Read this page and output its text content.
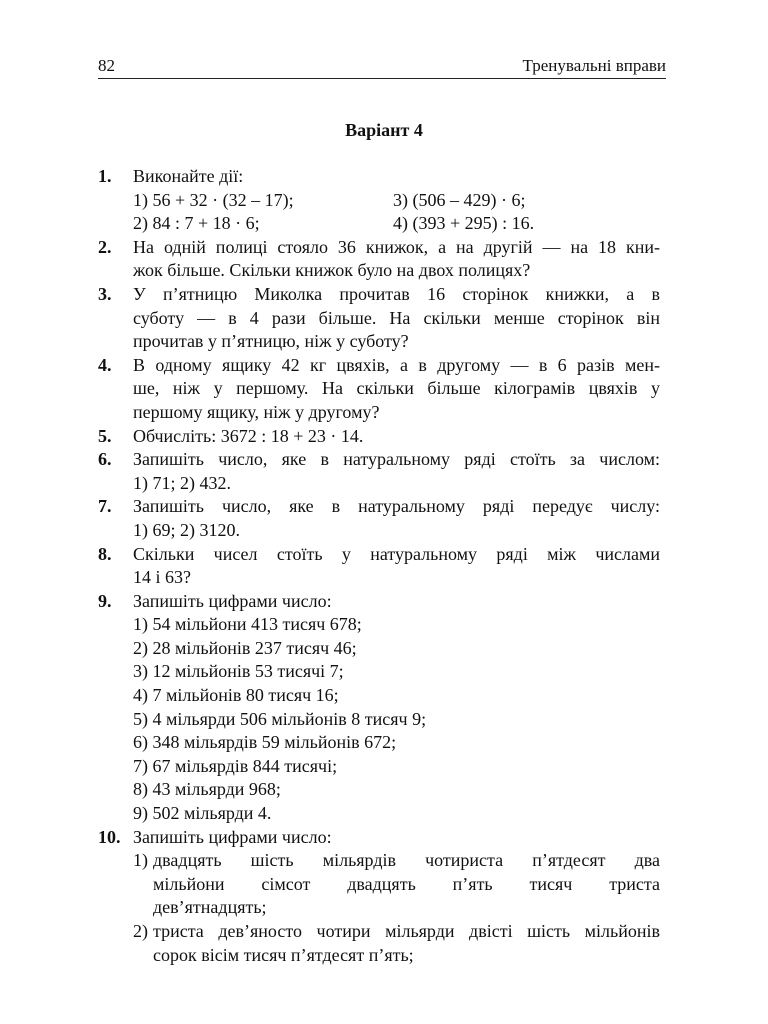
82	Тренувальні вправи
Варіант 4
1.	Виконайте дії:
1) 56 + 32 · (32 – 17);	3) (506 – 429) · 6;
2) 84 : 7 + 18 · 6;	4) (393 + 295) : 16.
2.	На одній полиці стояло 36 книжок, а на другій — на 18 кни-
жок більше. Скільки книжок було на двох полицях?
3.	У п’ятницю Миколка прочитав 16 сторінок книжки, а в
суботу — в 4 рази більше. На скільки менше сторінок він
прочитав у п’ятницю, ніж у суботу?
4.	В одному ящику 42 кг цвяхів, а в другому — в 6 разів мен-
ше, ніж у першому. На скільки більше кілограмів цвяхів у
першому ящику, ніж у другому?
5.	Обчисліть: 3672 : 18 + 23 · 14.
6.	Запишіть число, яке в натуральному ряді стоїть за числом:
1) 71; 2) 432.
7.	Запишіть число, яке в натуральному ряді передує числу:
1) 69; 2) 3120.
8.	Скільки чисел стоїть у натуральному ряді між числами
14 і 63?
9.	Запишіть цифрами число:
1) 54 мільйони 413 тисяч 678;
2) 28 мільйонів 237 тисяч 46;
3) 12 мільйонів 53 тисячі 7;
4) 7 мільйонів 80 тисяч 16;
5) 4 мільярди 506 мільйонів 8 тисяч 9;
6) 348 мільярдів 59 мільйонів 672;
7) 67 мільярдів 844 тисячі;
8) 43 мільярди 968;
9) 502 мільярди 4.
10. Запишіть цифрами число:
1) двадцять шість мільярдів чотириста п’ятдесят два
мільйони сімсот двадцять п’ять тисяч триста
дев’ятнадцять;
2) триста дев’яносто чотири мільярди двісті шість мільйонів
сорок вісім тисяч п’ятдесят п’ять;
